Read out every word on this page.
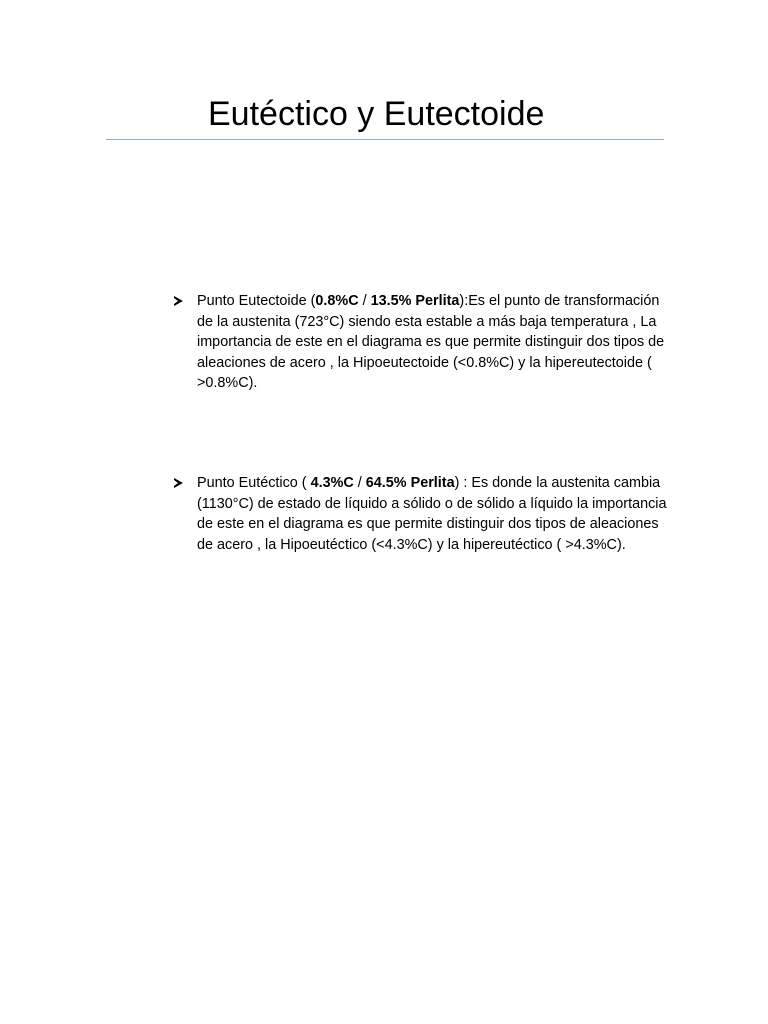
Eutéctico y Eutectoide
Punto Eutectoide (0.8%C / 13.5% Perlita):Es el punto de transformación de la austenita (723°C) siendo esta estable a más baja temperatura , La importancia de este en el diagrama es que permite distinguir dos tipos de aleaciones de acero , la Hipoeutectoide (<0.8%C) y la hipereutectoide ( >0.8%C).
Punto Eutéctico ( 4.3%C / 64.5% Perlita) : Es donde la austenita cambia (1130°C) de estado de líquido a sólido o de sólido a líquido la importancia de este en el diagrama es que permite distinguir dos tipos de aleaciones de acero , la Hipoeutéctico (<4.3%C) y la hipereutéctico ( >4.3%C).
